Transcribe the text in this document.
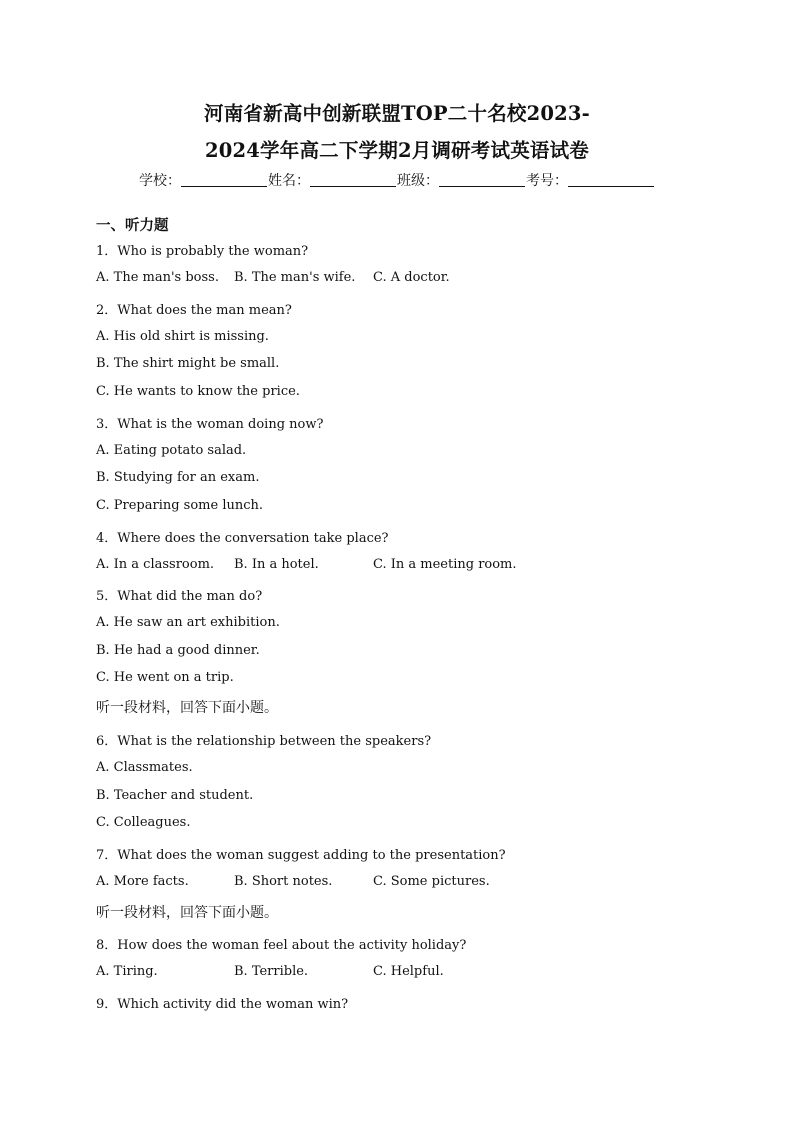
河南省新高中创新联盟TOP二十名校2023-
2024学年高二下学期2月调研考试英语试卷
学校：	姓名：	班级：	考号：
一、听力题
1．Who is probably the woman?
A. The man's boss. B. The man's wife. C. A doctor.
2．What does the man mean?
A. His old shirt is missing.
B. The shirt might be small.
C. He wants to know the price.
3．What is the woman doing now?
A. Eating potato salad.
B. Studying for an exam.
C. Preparing some lunch.
4．Where does the conversation take place?
A. In a classroom. B. In a hotel.	C. In a meeting room.
5．What did the man do?
A. He saw an art exhibition.
B. He had a good dinner.
C. He went on a trip.
听一段材料，回答下面小题。
6．What is the relationship between the speakers?
A. Classmates.
B. Teacher and student.
C. Colleagues.
7．What does the woman suggest adding to the presentation?
A. More facts.	B. Short notes.	C. Some pictures.
听一段材料，回答下面小题。
8．How does the woman feel about the activity holiday?
A. Tiring.	B. Terrible.	C. Helpful.
9．Which activity did the woman win?
